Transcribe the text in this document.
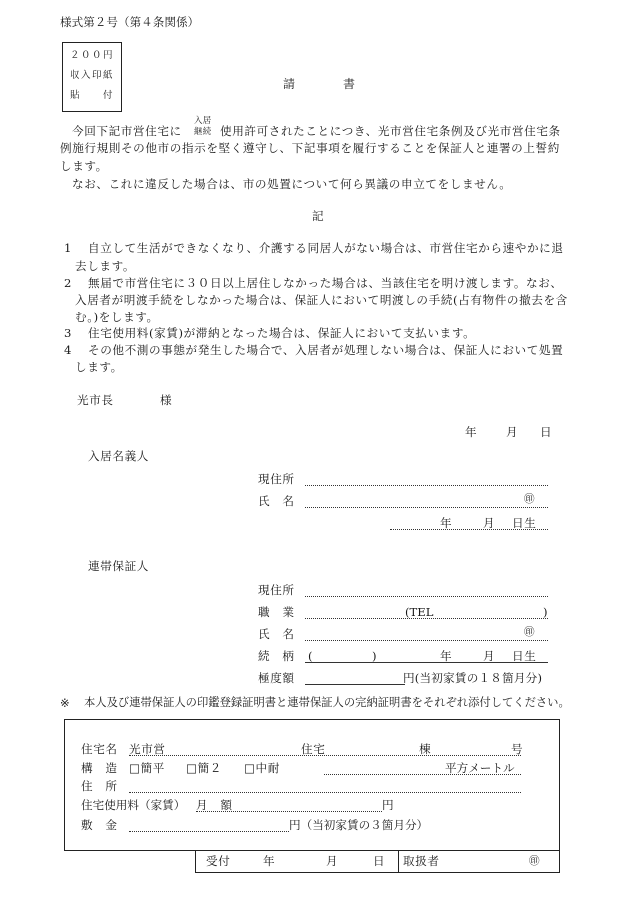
様式第２号（第４条関係）
２００円
収入印紙
貼　　付
請　　　書
今回下記市営住宅に
入居
継続 使用許可されたことにつき、光市営住宅条例及び光市営住宅条
例施行規則その他市の指示を堅く遵守し、下記事項を履行することを保証人と連署の上誓約
します。
なお、これに違反した場合は、市の処置について何ら異議の申立てをしません。
記
1 自立して生活ができなくなり、介護する同居人がない場合は、市営住宅から速やかに退
去します。
2 無届で市営住宅に３０日以上居住しなかった場合は、当該住宅を明け渡します。なお、
入居者が明渡手続をしなかった場合は、保証人において明渡しの手続(占有物件の撤去を含
む。)をします。
3 住宅使用料(家賃)が滞納となった場合は、保証人において支払います。
4 その他不測の事態が発生した場合で、入居者が処理しない場合は、保証人において処置
します。
光市長	様
年 月 日
入居名義人
現住所
氏　名	㊞
年	月 日生
連帯保証人
現住所
職　業	(TEL	)
氏　名	㊞
続　柄 (	)	年	月 日生
極度額	円(当初家賃の１８箇月分)
※ 本人及び連帯保証人の印鑑登録証明書と連帯保証人の完納証明書をそれぞれ添付してください。
住宅名 光市営	住宅	棟	号
構　造 □簡平 □簡２ □中耐	平方メートル
住　所
住宅使用料（家賃） 月　額	円
敷　金	円（当初家賃の３箇月分）
受付	年	月	日 取扱者	㊞
